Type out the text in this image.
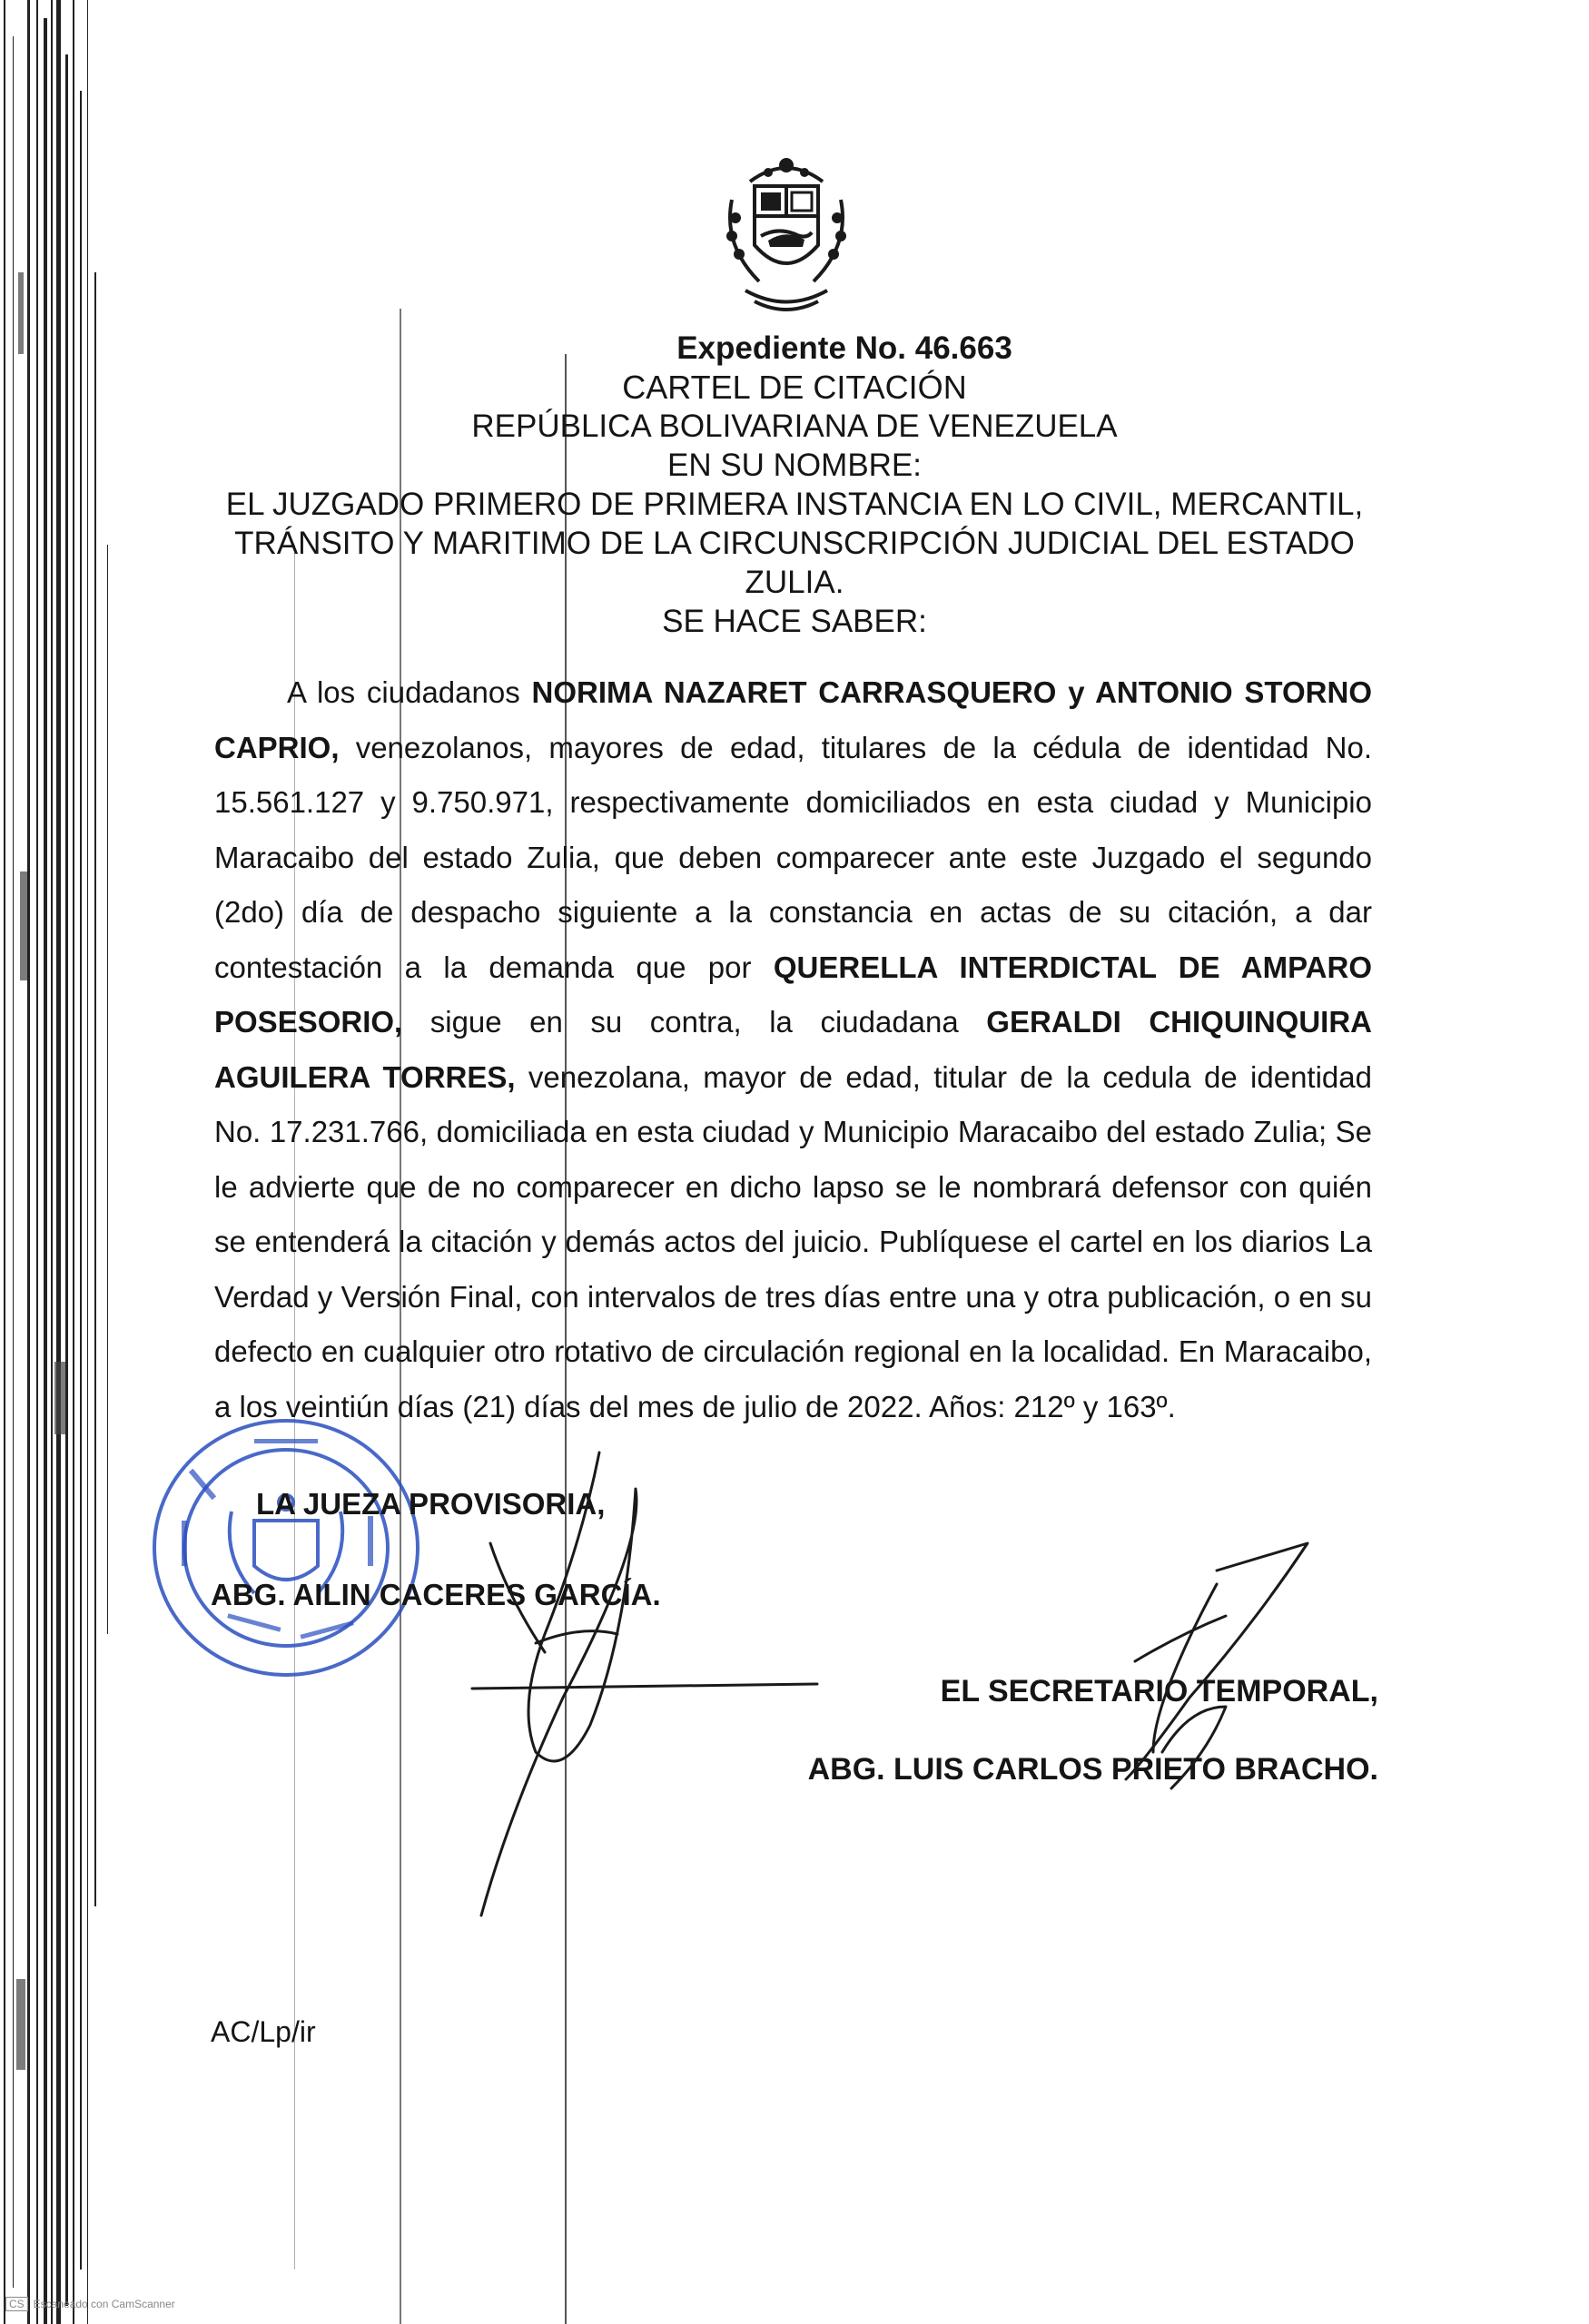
Expediente No. 46.663
CARTEL DE CITACIÓN
REPÚBLICA BOLIVARIANA DE VENEZUELA
EN SU NOMBRE:
EL JUZGADO PRIMERO DE PRIMERA INSTANCIA EN LO CIVIL, MERCANTIL,
TRÁNSITO Y MARITIMO DE LA CIRCUNSCRIPCIÓN JUDICIAL DEL ESTADO
ZULIA.
SE HACE SABER:

A los ciudadanos NORIMA NAZARET CARRASQUERO y ANTONIO STORNO CAPRIO, venezolanos, mayores de edad, titulares de la cédula de identidad No. 15.561.127 y 9.750.971, respectivamente domiciliados en esta ciudad y Municipio Maracaibo del estado Zulia, que deben comparecer ante este Juzgado el segundo (2do) día de despacho siguiente a la constancia en actas de su citación, a dar contestación a la demanda que por QUERELLA INTERDICTAL DE AMPARO POSESORIO, sigue en su contra, la ciudadana GERALDI CHIQUINQUIRA AGUILERA TORRES, venezolana, mayor de edad, titular de la cedula de identidad No. 17.231.766, domiciliada en esta ciudad y Municipio Maracaibo del estado Zulia; Se le advierte que de no comparecer en dicho lapso se le nombrará defensor con quién se entenderá la citación y demás actos del juicio. Publíquese el cartel en los diarios La Verdad y Versión Final, con intervalos de tres días entre una y otra publicación, o en su defecto en cualquier otro rotativo de circulación regional en la localidad. En Maracaibo, a los veintiún días (21) días del mes de julio de 2022. Años: 212º y 163º.

LA JUEZA PROVISORIA,
ABG. AILIN CACERES GARCÍA.
EL SECRETARIO TEMPORAL,
ABG. LUIS CARLOS PRIETO BRACHO.
AC/Lp/ir
CS Escaneado con CamScanner
